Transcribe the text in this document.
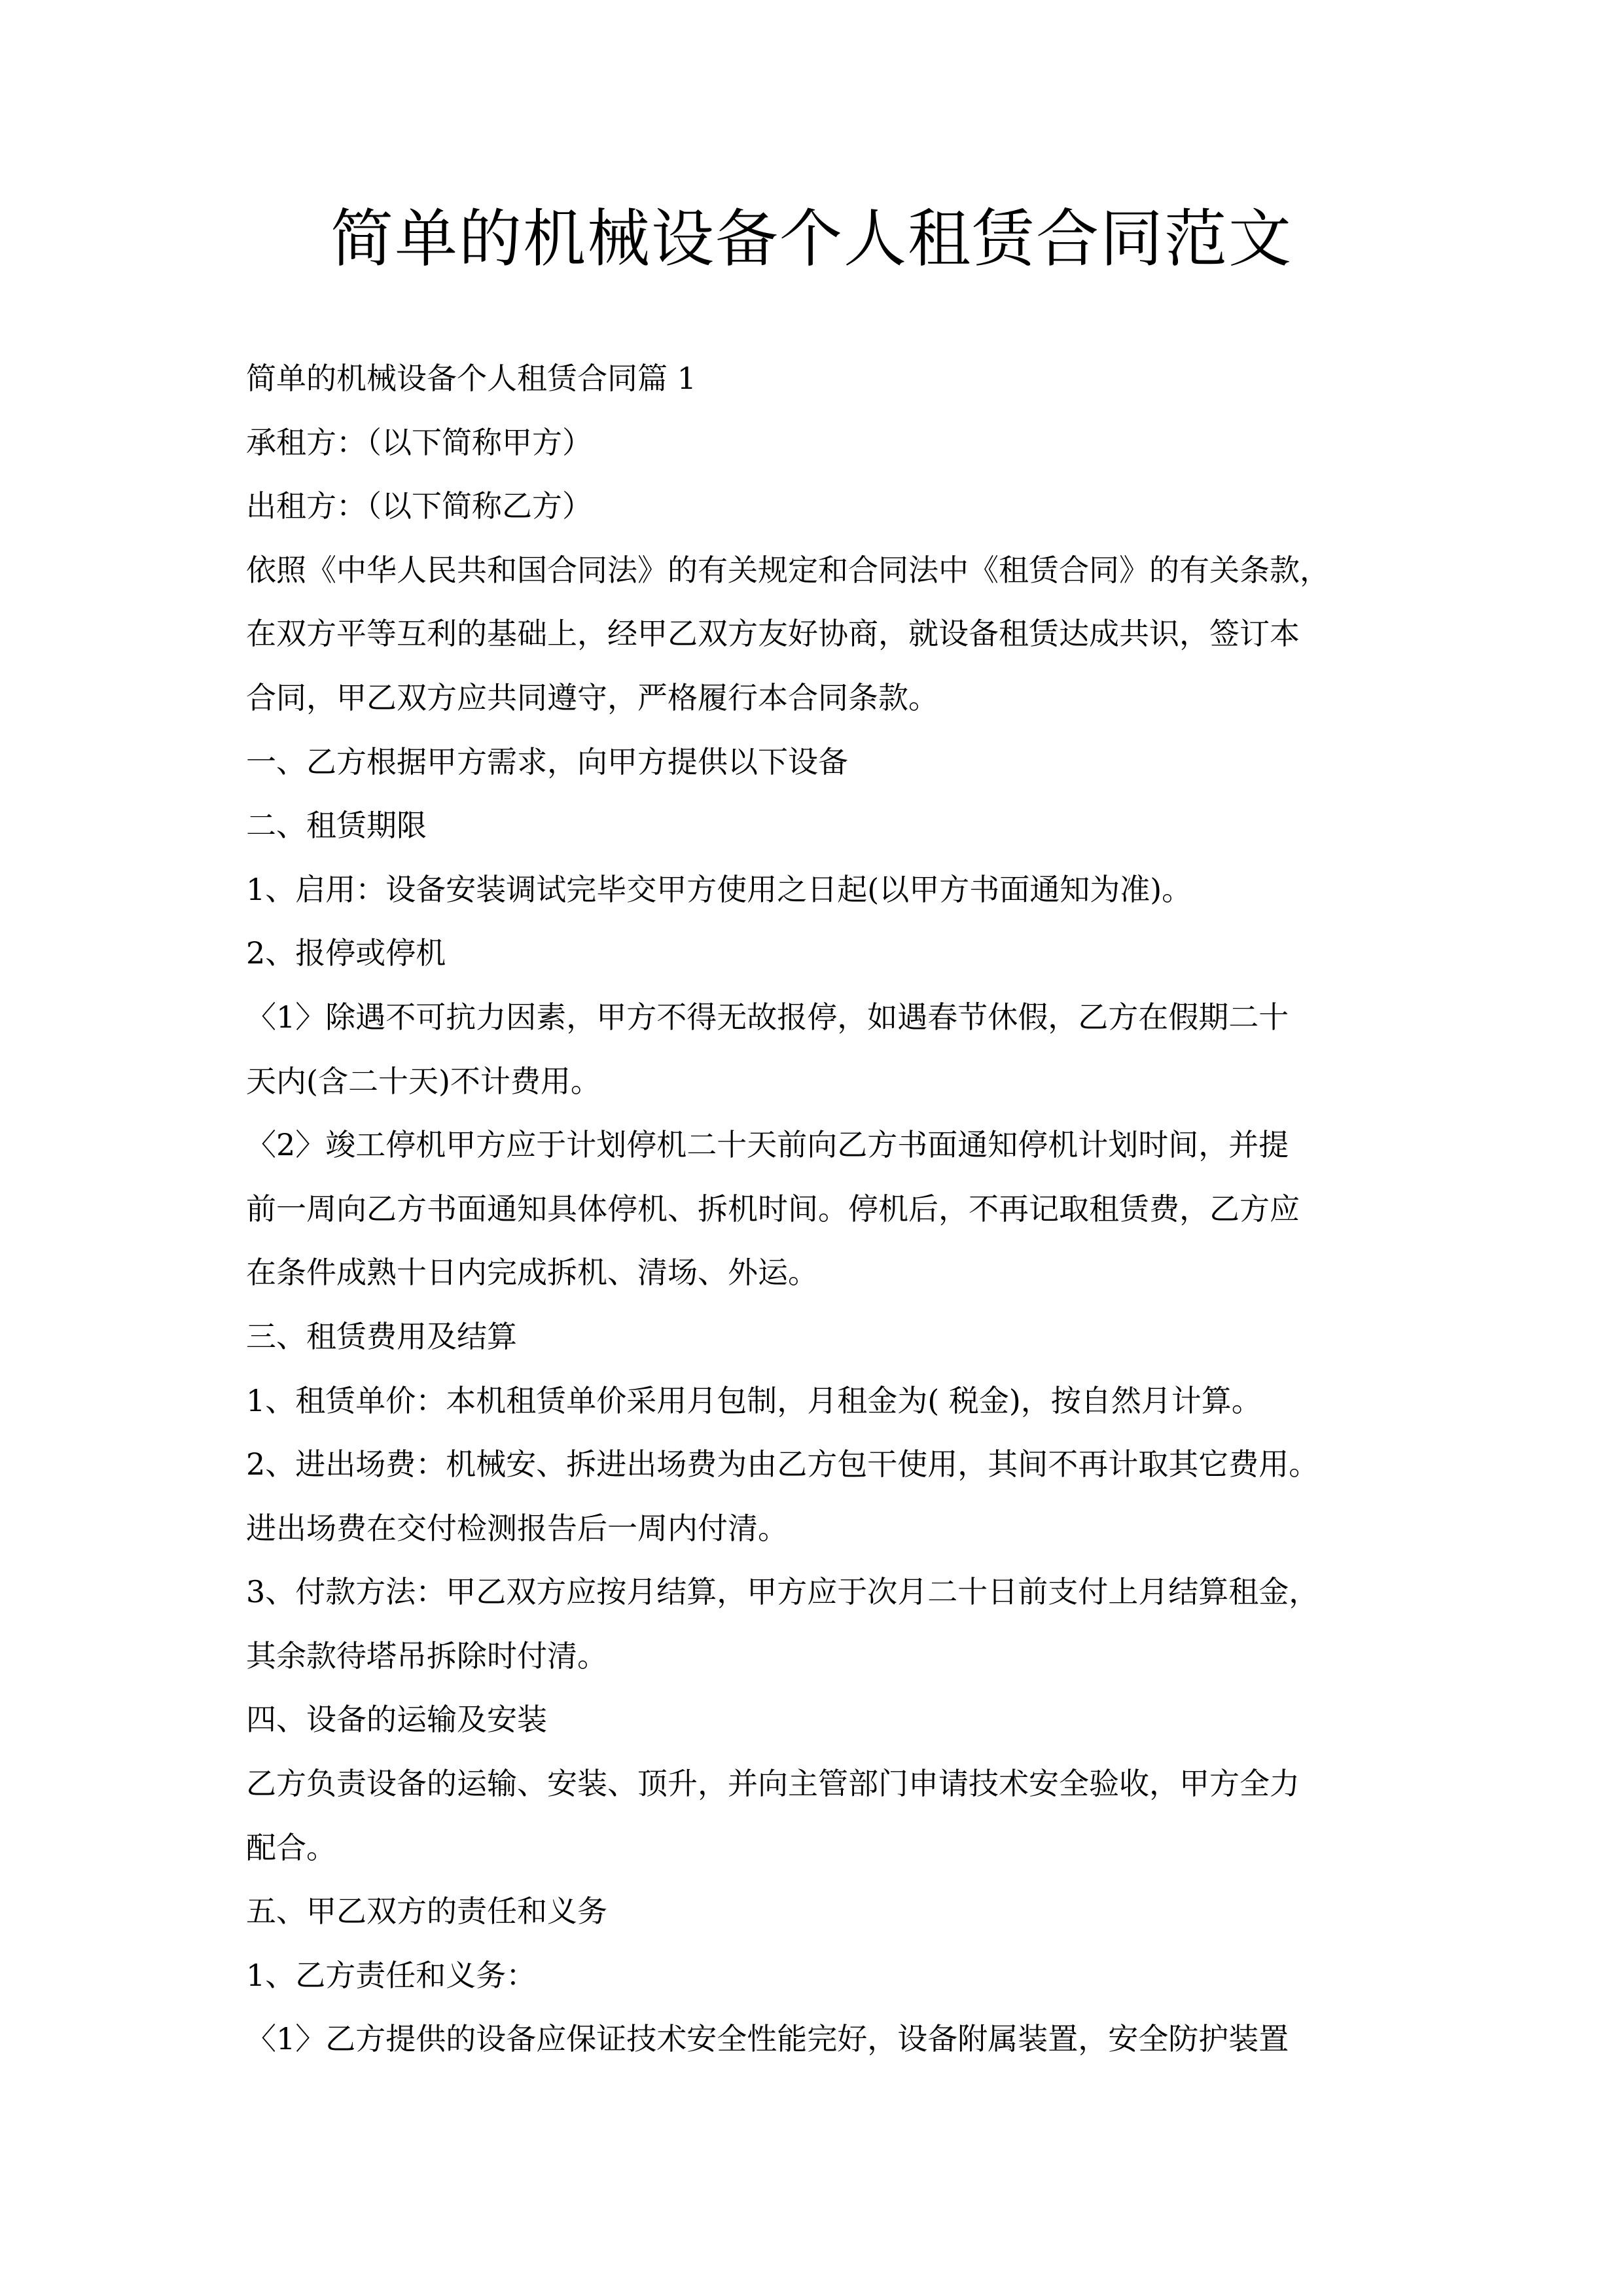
简单的机械设备个人租赁合同范文

简单的机械设备个人租赁合同篇 1

承租方：（以下简称甲方）

出租方：（以下简称乙方）

依照《中华人民共和国合同法》的有关规定和合同法中《租赁合同》的有关条款，

在双方平等互利的基础上，经甲乙双方友好协商，就设备租赁达成共识，签订本

合同，甲乙双方应共同遵守，严格履行本合同条款。

一、乙方根据甲方需求，向甲方提供以下设备

二、租赁期限

1、启用：设备安装调试完毕交甲方使用之日起(以甲方书面通知为准)。

2、报停或停机

〈1〉除遇不可抗力因素，甲方不得无故报停，如遇春节休假，乙方在假期二十

天内(含二十天)不计费用。

〈2〉竣工停机甲方应于计划停机二十天前向乙方书面通知停机计划时间，并提

前一周向乙方书面通知具体停机、拆机时间。停机后，不再记取租赁费，乙方应

在条件成熟十日内完成拆机、清场、外运。

三、租赁费用及结算

1、租赁单价：本机租赁单价采用月包制，月租金为( 税金)，按自然月计算。

2、进出场费：机械安、拆进出场费为由乙方包干使用，其间不再计取其它费用。

进出场费在交付检测报告后一周内付清。

3、付款方法：甲乙双方应按月结算，甲方应于次月二十日前支付上月结算租金，

其余款待塔吊拆除时付清。

四、设备的运输及安装

乙方负责设备的运输、安装、顶升，并向主管部门申请技术安全验收，甲方全力

配合。

五、甲乙双方的责任和义务

1、乙方责任和义务：

〈1〉乙方提供的设备应保证技术安全性能完好，设备附属装置，安全防护装置
